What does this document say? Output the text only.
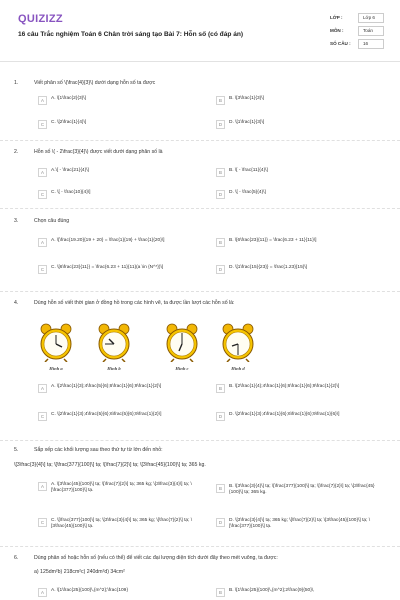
QUIZIZZ
16 câu Trắc nghiệm Toán 6 Chân trời sáng tạo Bài 7: Hỗn số (có đáp án)
LỚP :	Lớp 6
MÔN :	Toán
SỐ CÂU :	16
1.	Viết phân số \(\frac{4}{3}\) dưới dạng hỗn số ta được
A	A. \[1\frac{2}{3}\]	B	B. \[3\frac{1}{3}\]
C	C. \[2\frac{1}{4}\]	D	D. \[1\frac{1}{3}\]
2.	Hỗn số \( - 2\frac{3}{4}\) được viết dưới dạng phân số là
A	A.\[ - \frac{21}{4}\]	B	B. \[ - \frac{11}{4}\]
C	C. \[ - \frac{10}{4}\]	D	D. \[ - \frac{5}{4}\]
3.	Chọn câu đúng
A	A. \[\frac{19.20}{19 + 20} = \frac{1}{19} + \frac{1}{20}\]	B	B. \[6\frac{23}{11}} = \frac{6.23 + 11}{11}\]
C	C. \[6\frac{23}{11}} = \frac{6.23 + 11}{11}(a \in {N^*})\]	D	D. \[1\frac{15}{23}} = \frac{1.23}{15}\]
4.	Dùng hỗn số viết thời gian ở đồng hồ trong các hình vẽ, ta được lần lượt các hỗn số là:
Hình a	Hình b	Hình c	Hình d
A	A. \[2\frac{1}{3};4\frac{5}{6};6\frac{1}{6};9\frac{1}{2}\]	B	B. \[2\frac{1}{4};4\frac{1}{6};6\frac{1}{6};9\frac{1}{2}\]
C	C. \[2\frac{1}{3};4\frac{5}{6};6\frac{5}{6};9\frac{1}{2}\]	D	D. \[2\frac{1}{3};4\frac{1}{6};6\frac{1}{6};9\frac{1}{6}\]
5.	Sắp xếp các khối lượng sau theo thứ tự từ lớn đến nhỏ:
\[3\frac{3}{4}\] tạ; \[\frac{377}{100}\] tạ; \[\frac{7}{2}\] tạ; \[3\frac{45}{100}\] tạ; 365 kg.
A	A. \[3\frac{45}{100}\] tạ; \[\frac{7}{2}\] tạ; 365 kg; \[3\frac{3}{4}\] tạ; \[\frac{377}{100}\] tạ.	B	B. \[3\frac{3}{4}\] tạ; \[\frac{377}{100}\] tạ; \[\frac{7}{2}\] tạ; \[3\frac{45}{100}\] tạ; 365 kg.
C	C. \[\frac{377}{100}\] tạ; \[3\frac{3}{4}\] tạ; 365 kg; \[\frac{7}{2}\] tạ; \[3\frac{45}{100}\] tạ.
D	D. \[3\frac{3}{4}\] tạ; 365 kg; \[\frac{7}{2}\] tạ; \[3\frac{45}{100}\] tạ; \[\frac{377}{100}\] tạ.
6.	Dùng phân số hoặc hỗn số (nếu có thể) để viết các đại lượng diện tích dưới đây theo mét vuông, ta được:
a) 125dm²b) 218cm²c) 240dm²d) 34cm²
A	A. \[1\frac{25}{100}\,{m^2};\frac{109}	B	B. \[1\frac{25}{100}\,{m^2};2\frac{9}{50}\,
